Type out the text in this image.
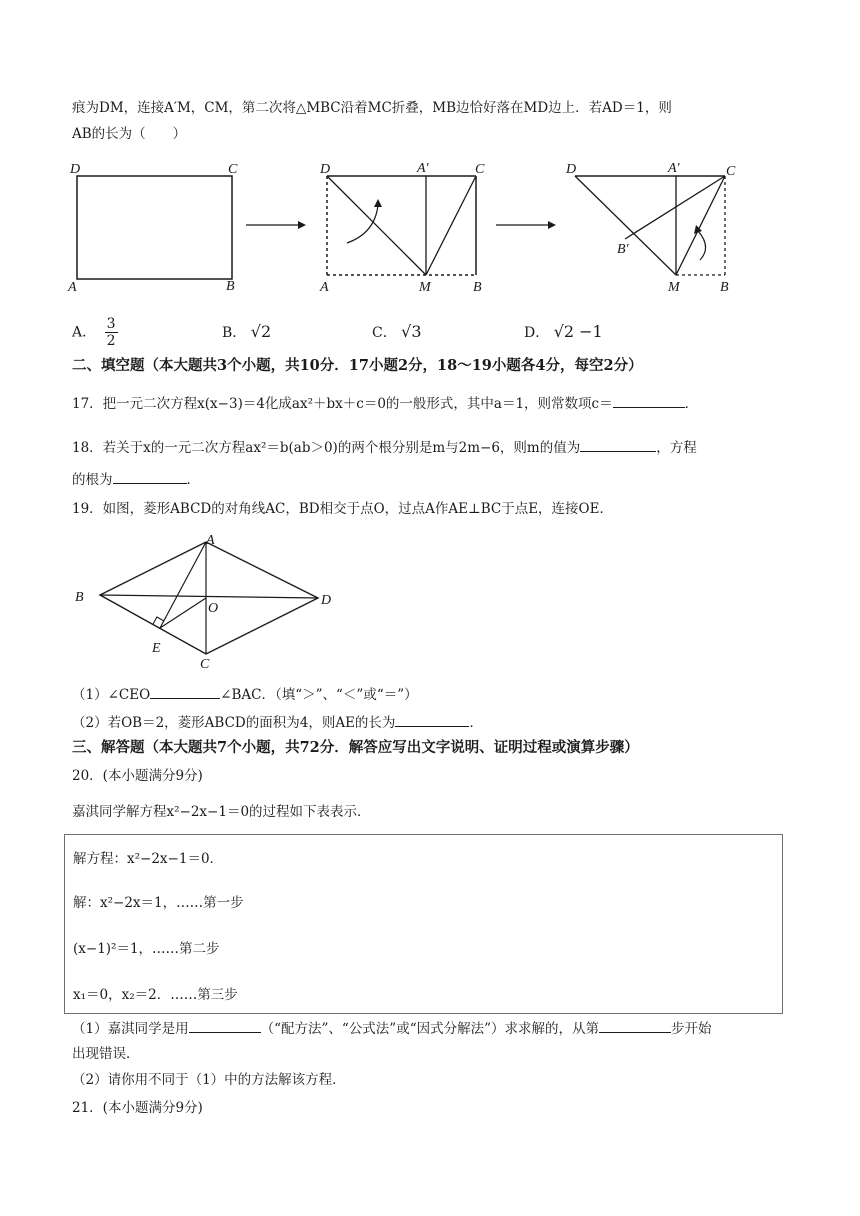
痕为DM，连接A′M，CM，第二次将△MBC沿着MC折叠，MB边恰好落在MD边上．若AD＝1，则
AB的长为（　　）
D	C
A	B
D	A′	C
A	M	B
D	A′	C
B′
M	B
A． $\frac{3}{2}$	B． √2	C． √3	D． √2 −1
二、填空题（本大题共3个小题，共10分．17小题2分，18～19小题各4分，每空2分）
17．把一元二次方程x(x−3)＝4化成ax²＋bx＋c＝0的一般形式，其中a＝1，则常数项c＝	．
18．若关于x的一元二次方程ax²＝b(ab＞0)的两个根分别是m与2m−6，则m的值为	，方程
的根为	．
19．如图，菱形ABCD的对角线AC，BD相交于点O，过点A作AE⊥BC于点E，连接OE．
A
B	D
O
E
C
（1）∠CEO	∠BAC．（填“＞”、“＜”或“＝”）
（2）若OB＝2，菱形ABCD的面积为4，则AE的长为	．
三、解答题（本大题共7个小题，共72分．解答应写出文字说明、证明过程或演算步骤）
20．(本小题满分9分)
嘉淇同学解方程x²−2x−1＝0的过程如下表表示．
解方程：x²−2x−1＝0．
解：x²−2x＝1，……第一步
(x−1)²＝1，……第二步
x₁＝0，x₂＝2．……第三步
（1）嘉淇同学是用	（“配方法”、“公式法”或“因式分解法”）求求解的，从第	步开始
出现错误．
（2）请你用不同于（1）中的方法解该方程．
21．(本小题满分9分)
